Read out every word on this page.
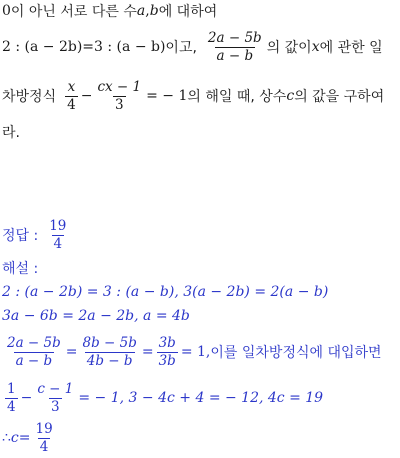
0 이 아닌 서로 다른 수 a , b 에 대하여
2 : (a − 2b) = 3 : (a − b) 이고, $\frac{2a - 5b}{a - b}$ 의 값이 x 에 관한 일
차방정식 $\frac{x}{4} - \frac{cx - 1}{3}$ = − 1 의 해일 때, 상수 c 의 값을 구하여
라.
정답 : $\frac{19}{4}$
해설 :
2 : (a − 2b) = 3 : (a − b), 3(a − 2b) = 2(a − b)
3a − 6b = 2a − 2b, a = 4b
$\frac{2a - 5b}{a - b} = \frac{8b - 5b}{4b - b} = \frac{3b}{3b} = 1$, 이를 일차방정식에 대입하면
$\frac{1}{4} - \frac{c - 1}{3}$ = − 1, 3 − 4c + 4 = − 12, 4c = 19
∴ $c = \frac{19}{4}$
